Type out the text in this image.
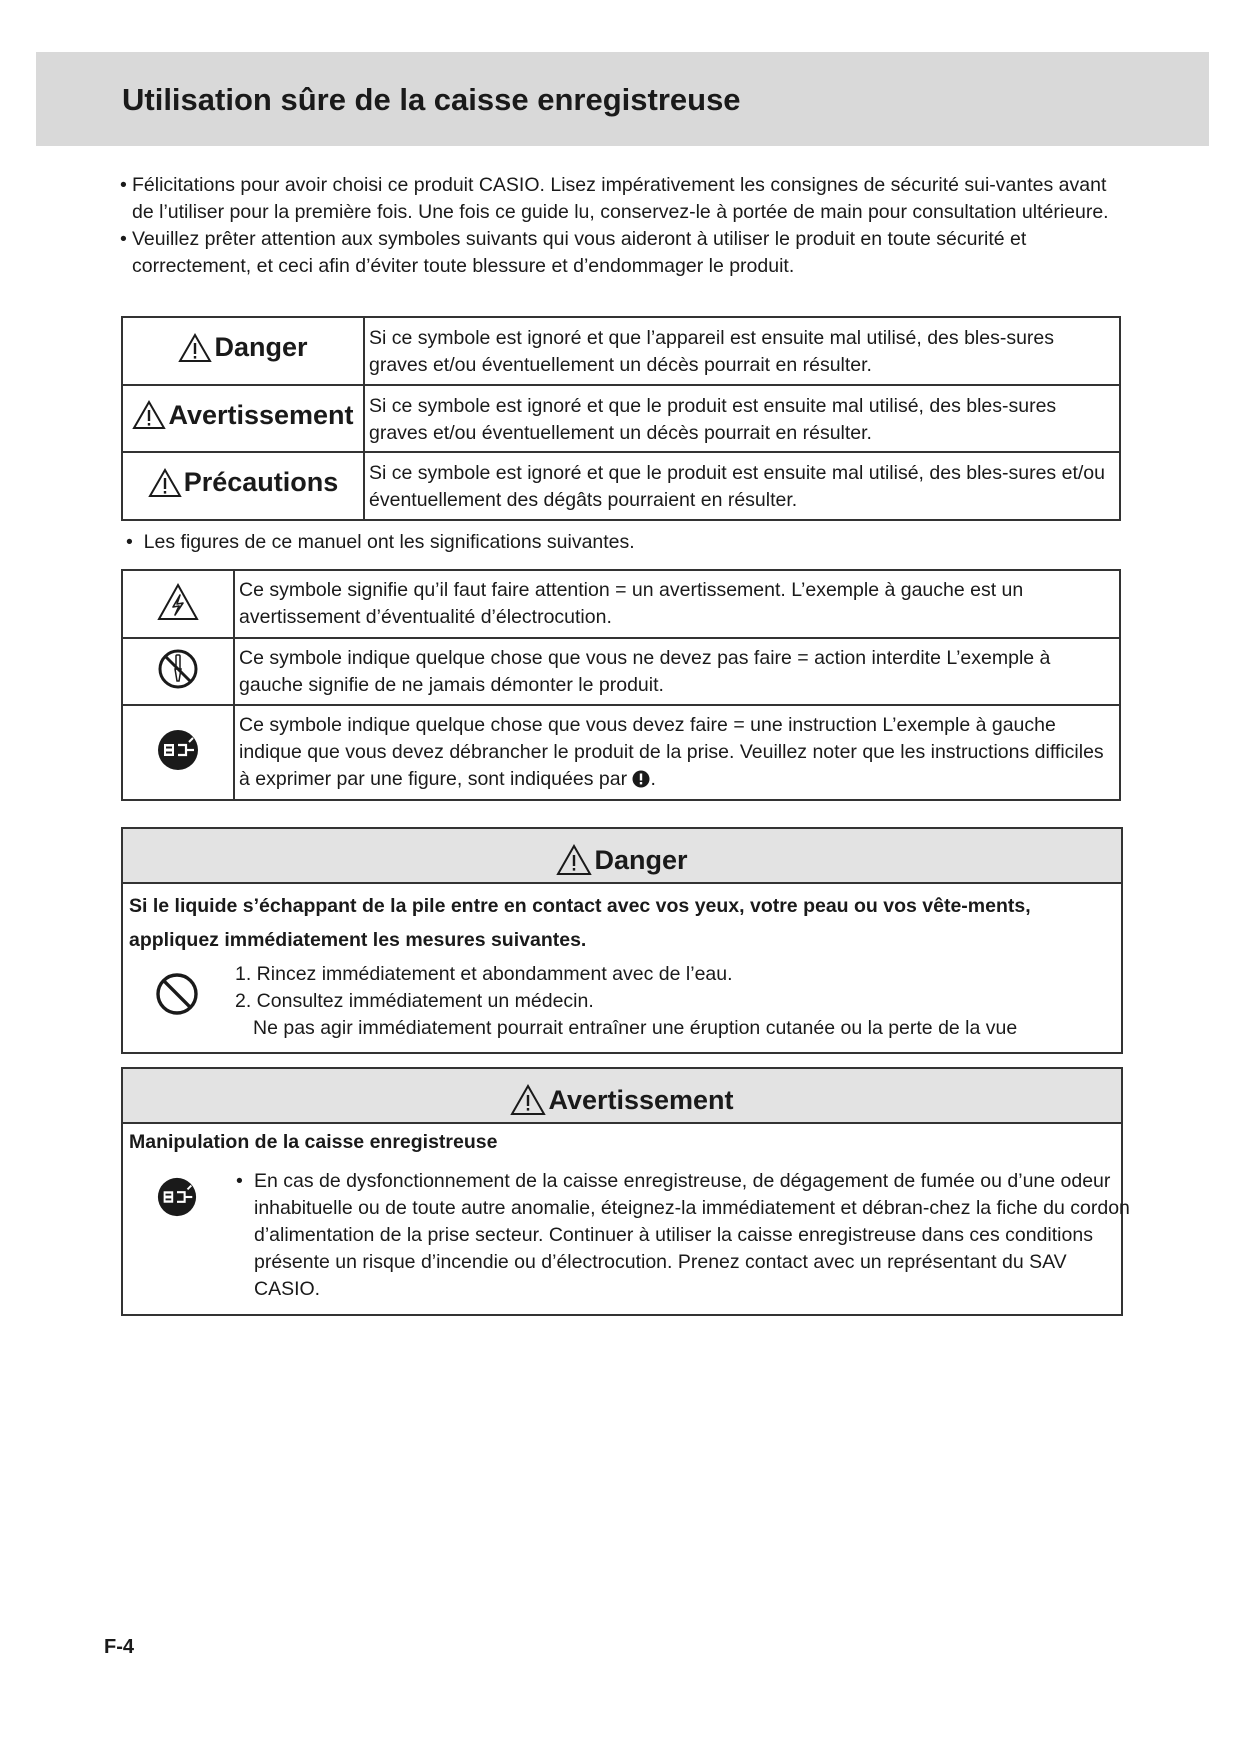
Utilisation sûre de la caisse enregistreuse
• Félicitations pour avoir choisi ce produit CASIO. Lisez impérativement les consignes de sécurité sui-vantes avant de l’utiliser pour la première fois. Une fois ce guide lu, conservez-le à portée de main pour consultation ultérieure.
• Veuillez prêter attention aux symboles suivants qui vous aideront à utiliser le produit en toute sécurité et correctement, et ceci afin d’éviter toute blessure et d’endommager le produit.
Danger	Si ce symbole est ignoré et que l’appareil est ensuite mal utilisé, des bles-sures graves et/ou éventuellement un décès pourrait en résulter.

Avertissement	Si ce symbole est ignoré et que le produit est ensuite mal utilisé, des bles-sures graves et/ou éventuellement un décès pourrait en résulter.

Précautions	Si ce symbole est ignoré et que le produit est ensuite mal utilisé, des bles-sures et/ou éventuellement des dégâts pourraient en résulter.
• Les figures de ce manuel ont les significations suivantes.
	Ce symbole signifie qu’il faut faire attention = un avertissement. L’exemple à gauche est un avertissement d’éventualité d’électrocution.
	Ce symbole indique quelque chose que vous ne devez pas faire = action interdite L’exemple à gauche signifie de ne jamais démonter le produit.
	Ce symbole indique quelque chose que vous devez faire = une instruction L’exemple à gauche indique que vous devez débrancher le produit de la prise. Veuillez noter que les instructions difficiles à exprimer par une figure, sont indiquées par .
Danger
Si le liquide s’échappant de la pile entre en contact avec vos yeux, votre peau ou vos vête-ments, appliquez immédiatement les mesures suivantes.
1. Rincez immédiatement et abondamment avec de l’eau.
2. Consultez immédiatement un médecin.
Ne pas agir immédiatement pourrait entraîner une éruption cutanée ou la perte de la vue
Avertissement
Manipulation de la caisse enregistreuse
• En cas de dysfonctionnement de la caisse enregistreuse, de dégagement de fumée ou d’une odeur inhabituelle ou de toute autre anomalie, éteignez-la immédiatement et débran-chez la fiche du cordon d’alimentation de la prise secteur. Continuer à utiliser la caisse enregistreuse dans ces conditions présente un risque d’incendie ou d’électrocution. Prenez contact avec un représentant du SAV CASIO.
F-4
